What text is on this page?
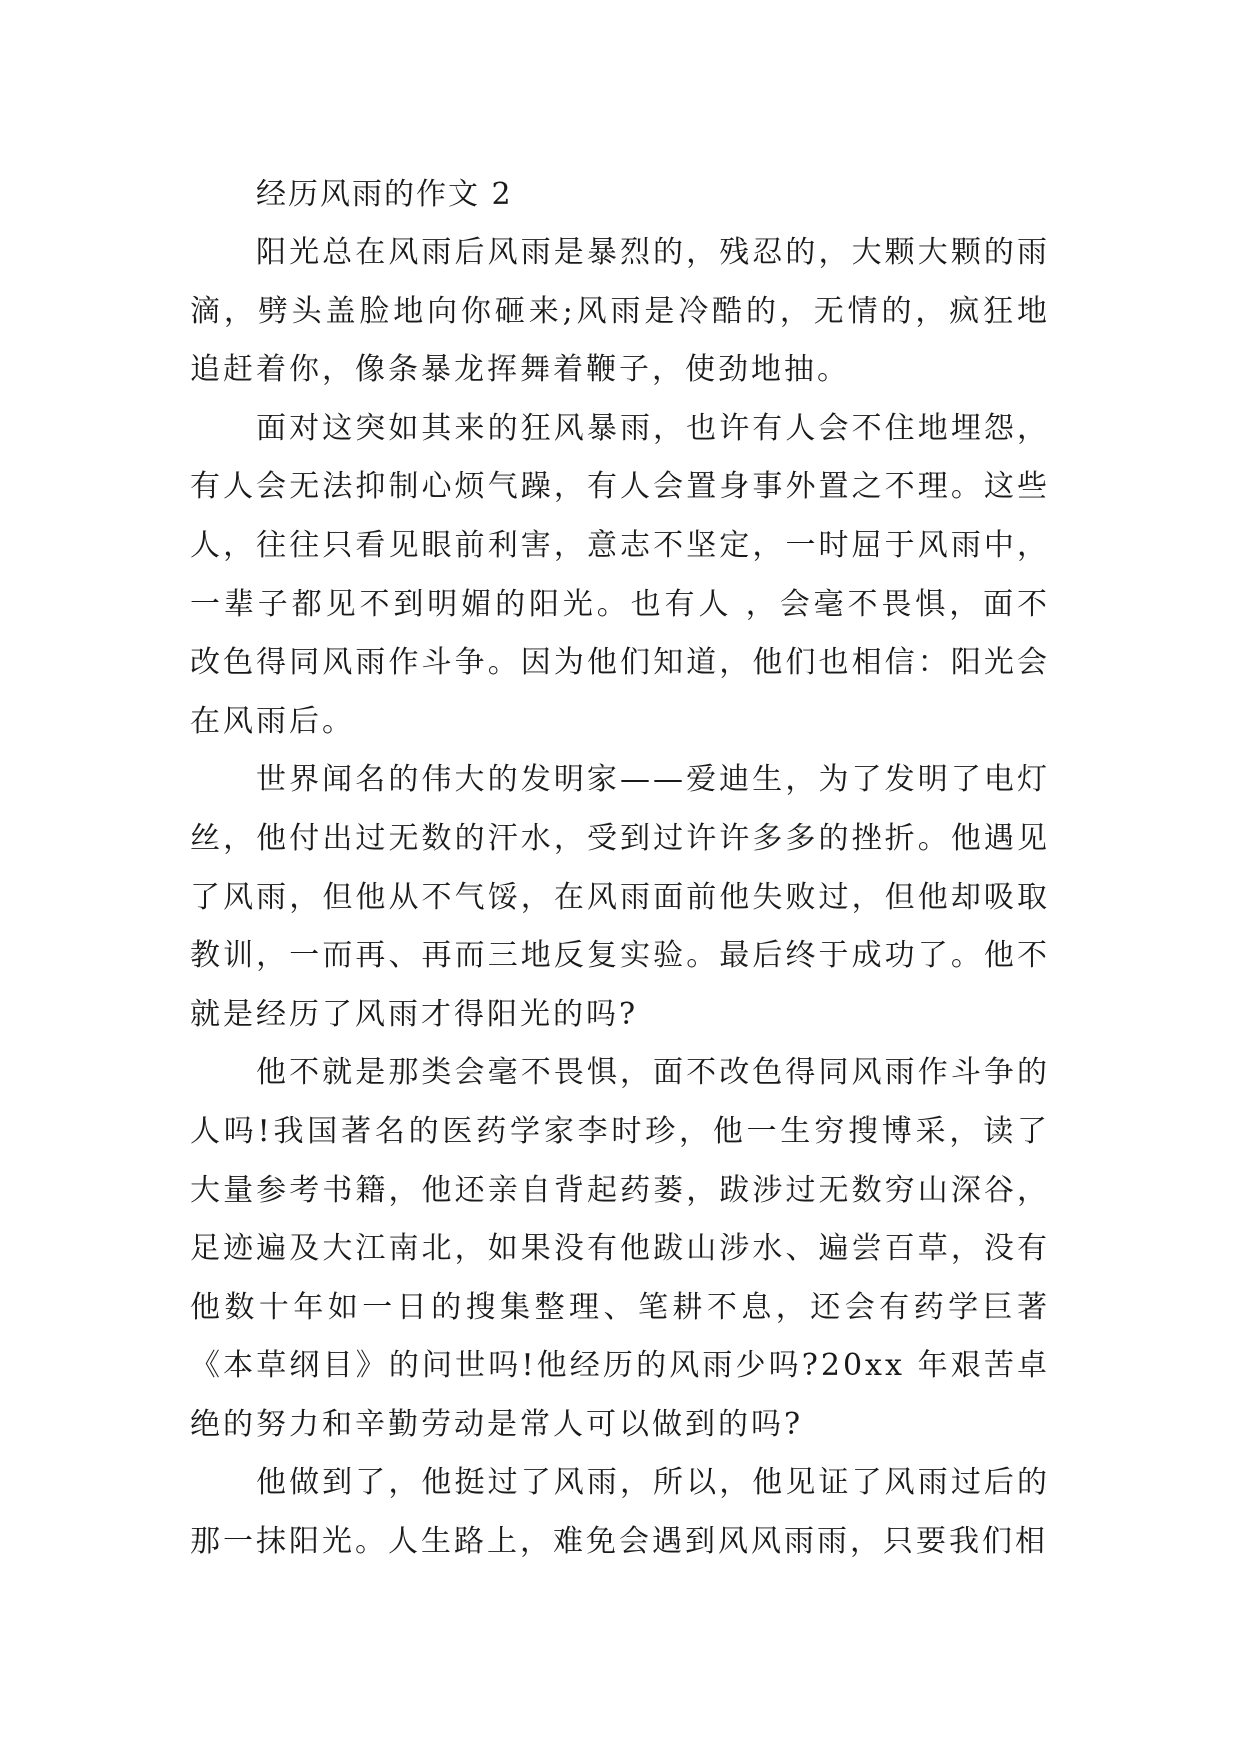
经历风雨的作文 2

阳光总在风雨后风雨是暴烈的，残忍的，大颗大颗的雨滴，劈头盖脸地向你砸来;风雨是冷酷的，无情的，疯狂地追赶着你，像条暴龙挥舞着鞭子，使劲地抽。

面对这突如其来的狂风暴雨，也许有人会不住地埋怨，有人会无法抑制心烦气躁，有人会置身事外置之不理。这些人，往往只看见眼前利害，意志不坚定，一时屈于风雨中，一辈子都见不到明媚的阳光。也有人 ，会毫不畏惧，面不改色得同风雨作斗争。因为他们知道，他们也相信：阳光会在风雨后。

世界闻名的伟大的发明家——爱迪生，为了发明了电灯丝，他付出过无数的汗水，受到过许许多多的挫折。他遇见了风雨，但他从不气馁，在风雨面前他失败过，但他却吸取教训，一而再、再而三地反复实验。最后终于成功了。他不就是经历了风雨才得阳光的吗?

他不就是那类会毫不畏惧，面不改色得同风雨作斗争的人吗!我国著名的医药学家李时珍，他一生穷搜博采，读了大量参考书籍，他还亲自背起药蒌，跋涉过无数穷山深谷，足迹遍及大江南北，如果没有他跋山涉水、遍尝百草，没有他数十年如一日的搜集整理、笔耕不息，还会有药学巨著《本草纲目》的问世吗!他经历的风雨少吗?20xx 年艰苦卓绝的努力和辛勤劳动是常人可以做到的吗?

他做到了，他挺过了风雨，所以，他见证了风雨过后的那一抹阳光。人生路上，难免会遇到风风雨雨，只要我们相
